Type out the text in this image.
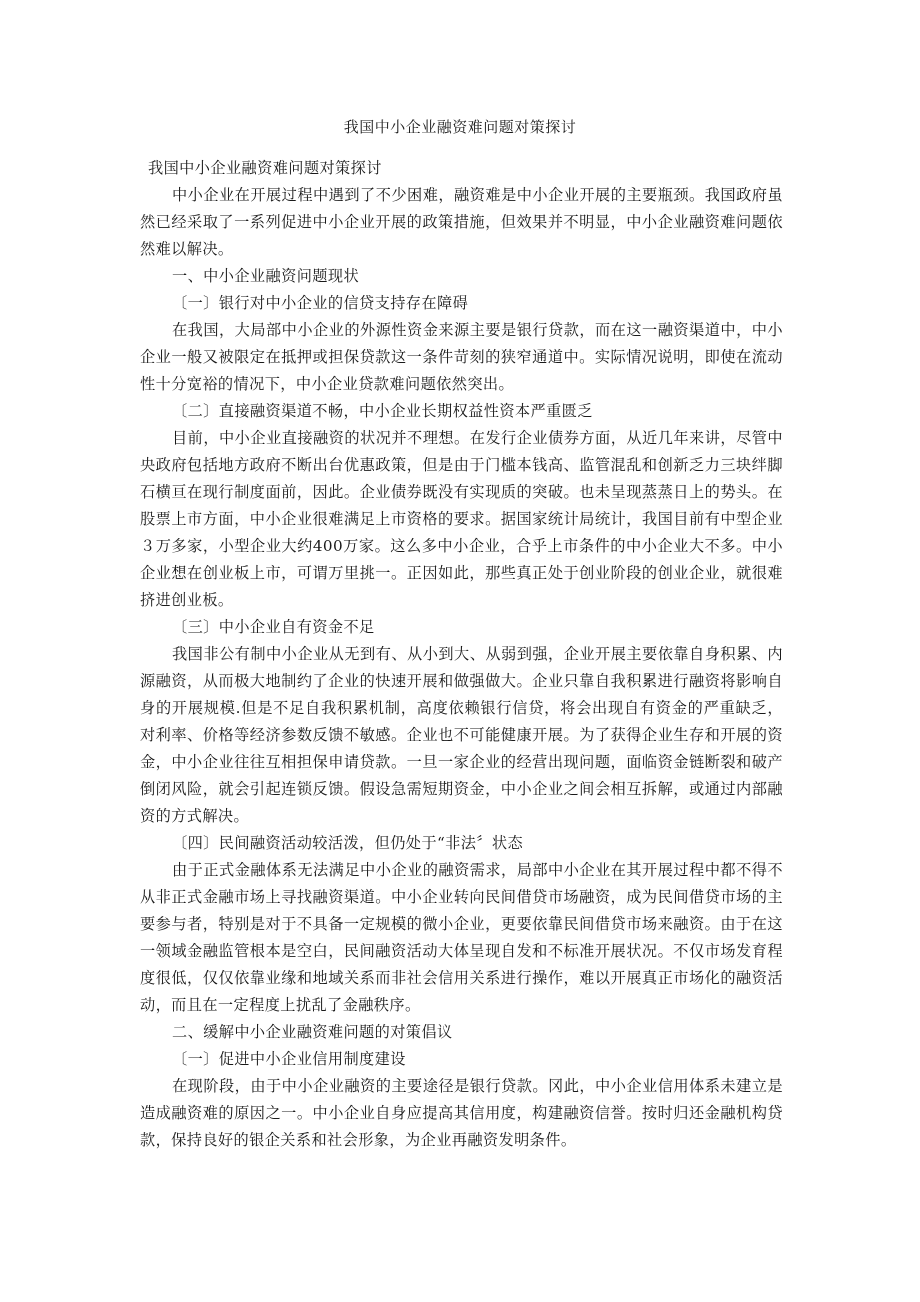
我国中小企业融资难问题对策探讨

我国中小企业融资难问题对策探讨

中小企业在开展过程中遇到了不少困难，融资难是中小企业开展的主要瓶颈。我国政府虽然已经采取了一系列促进中小企业开展的政策措施，但效果并不明显，中小企业融资难问题依然难以解决。

一、中小企业融资问题现状

〔一〕银行对中小企业的信贷支持存在障碍

在我国，大局部中小企业的外源性资金来源主要是银行贷款，而在这一融资渠道中，中小企业一般又被限定在抵押或担保贷款这一条件苛刻的狭窄通道中。实际情况说明，即使在流动性十分宽裕的情况下，中小企业贷款难问题依然突出。

〔二〕直接融资渠道不畅，中小企业长期权益性资本严重匮乏

目前，中小企业直接融资的状况并不理想。在发行企业债券方面，从近几年来讲，尽管中央政府包括地方政府不断出台优惠政策，但是由于门槛本钱高、监管混乱和创新乏力三块绊脚石横亘在现行制度面前，因此。企业债券既没有实现质的突破。也未呈现蒸蒸日上的势头。在股票上市方面，中小企业很难满足上市资格的要求。据国家统计局统计，我国目前有中型企业３万多家，小型企业大约400万家。这么多中小企业，合乎上市条件的中小企业大不多。中小企业想在创业板上市，可谓万里挑一。正因如此，那些真正处于创业阶段的创业企业，就很难挤进创业板。

〔三〕中小企业自有资金不足

我国非公有制中小企业从无到有、从小到大、从弱到强，企业开展主要依靠自身积累、内源融资，从而极大地制约了企业的快速开展和做强做大。企业只靠自我积累进行融资将影响自身的开展规模.但是不足自我积累机制，高度依赖银行信贷，将会出现自有资金的严重缺乏，对利率、价格等经济参数反馈不敏感。企业也不可能健康开展。为了获得企业生存和开展的资金，中小企业往往互相担保申请贷款。一旦一家企业的经营出现问题，面临资金链断裂和破产倒闭风险，就会引起连锁反馈。假设急需短期资金，中小企业之间会相互拆解，或通过内部融资的方式解决。

〔四〕民间融资活动较活泼，但仍处于“非法〞状态

由于正式金融体系无法满足中小企业的融资需求，局部中小企业在其开展过程中都不得不从非正式金融市场上寻找融资渠道。中小企业转向民间借贷市场融资，成为民间借贷市场的主要参与者，特别是对于不具备一定规模的微小企业，更要依靠民间借贷市场来融资。由于在这一领域金融监管根本是空白，民间融资活动大体呈现自发和不标准开展状况。不仅市场发育程度很低，仅仅依靠业缘和地域关系而非社会信用关系进行操作，难以开展真正市场化的融资活动，而且在一定程度上扰乱了金融秩序。

二、缓解中小企业融资难问题的对策倡议

〔一〕促进中小企业信用制度建设

在现阶段，由于中小企业融资的主要途径是银行贷款。冈此，中小企业信用体系未建立是造成融资难的原因之一。中小企业自身应提高其信用度，构建融资信誉。按时归还金融机构贷款，保持良好的银企关系和社会形象，为企业再融资发明条件。
